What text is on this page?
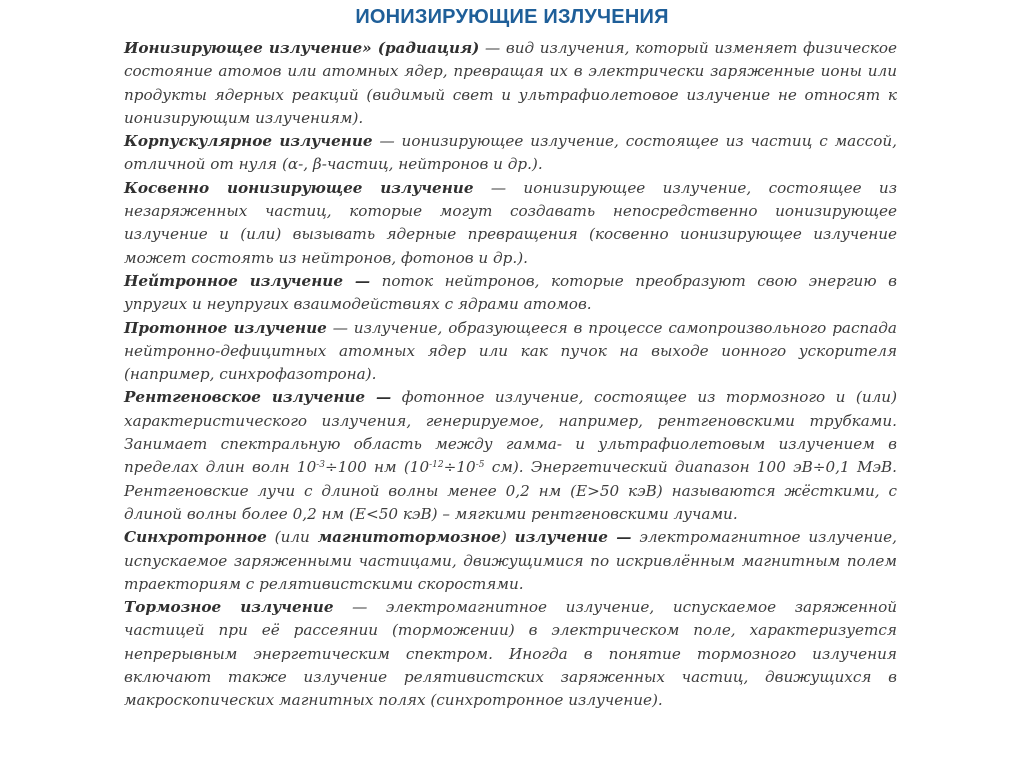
ИОНИЗИРУЮЩИЕ ИЗЛУЧЕНИЯ

Ионизирующее излучение» (радиация) — вид излучения, который изменяет физическое состояние атомов или атомных ядер, превращая их в электрически заряженные ионы или продукты ядерных реакций (видимый свет и ультрафиолетовое излучение не относят к ионизирующим излучениям).

Корпускулярное излучение — ионизирующее излучение, состоящее из частиц с массой, отличной от нуля (α-, β-частиц, нейтронов и др.).

Косвенно ионизирующее излучение — ионизирующее излучение, состоящее из незаряженных частиц, которые могут создавать непосредственно ионизирующее излучение и (или) вызывать ядерные превращения (косвенно ионизирующее излучение может состоять из нейтронов, фотонов и др.).

Нейтронное излучение — поток нейтронов, которые преобразуют свою энергию в упругих и неупругих взаимодействиях с ядрами атомов.

Протонное излучение — излучение, образующееся в процессе самопроизвольного распада нейтронно-дефицитных атомных ядер или как пучок на выходе ионного ускорителя (например, синхрофазотрона).

Рентгеновское излучение — фотонное излучение, состоящее из тормозного и (или) характеристического излучения, генерируемое, например, рентгеновскими трубками. Занимает спектральную область между гамма- и ультрафиолетовым излучением в пределах длин волн $10^{-3}\div 100$ нм ($10^{-12}\div 10^{-5}$ см). Энергетический диапазон 100 эВ÷0,1 МэВ. Рентгеновские лучи с длиной волны менее 0,2 нм (E>50 кэВ) называются жёсткими, с длиной волны более 0,2 нм (E<50 кэВ) – мягкими рентгеновскими лучами.

Синхротронное (или магнитотормозное) излучение — электромагнитное излучение, испускаемое заряженными частицами, движущимися по искривлённым магнитным полем траекториям с релятивистскими скоростями.

Тормозное излучение — электромагнитное излучение, испускаемое заряженной частицей при её рассеянии (торможении) в электрическом поле, характеризуется непрерывным энергетическим спектром. Иногда в понятие тормозного излучения включают также излучение релятивистских заряженных частиц, движущихся в макроскопических магнитных полях (синхротронное излучение).
